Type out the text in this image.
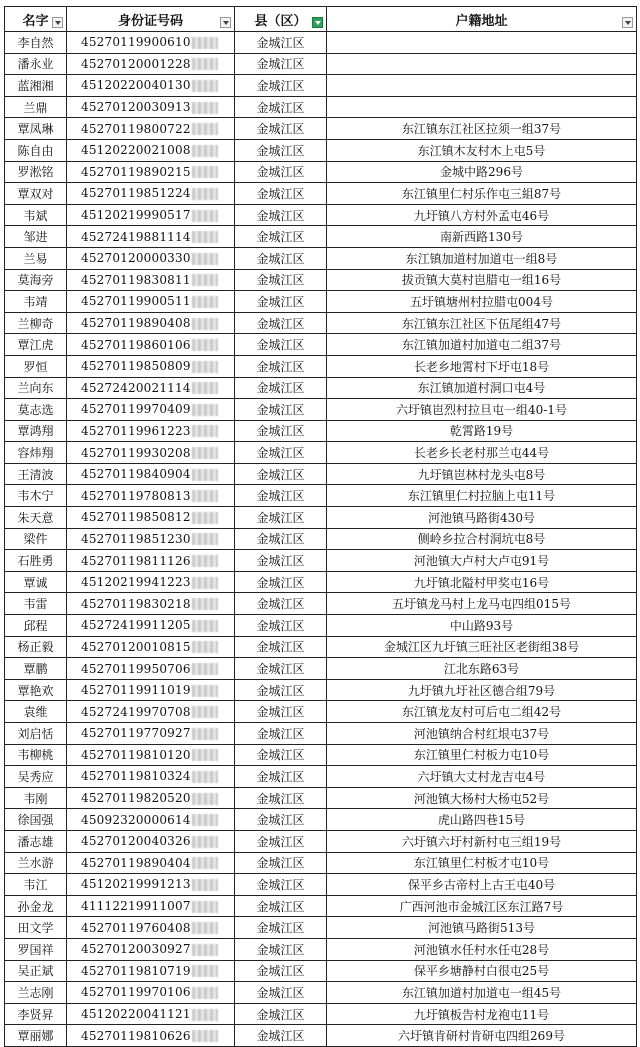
名字	身份证号码	县（区）	户籍地址

李自然	45270119900610	金城江区	
潘永业	45270120001228	金城江区	
蓝湘湘	45120220040130	金城江区	
兰鼎	45270120030913	金城江区	
覃凤琳	45270119800722	金城江区	东江镇东江社区拉须一组37号
陈自由	45120220021008	金城江区	东江镇木友村木上屯5号
罗淞铭	45270119890215	金城江区	金城中路296号
覃双对	45270119851224	金城江区	东江镇里仁村乐作屯三組87号
韦斌	45120219990517	金城江区	九圩镇八方村外孟屯46号
邹进	45272419881114	金城江区	南新西路130号
兰易	45270120000330	金城江区	东江镇加道村加道屯一组8号
莫海旁	45270119830811	金城江区	拔贡镇大莫村岜腊屯一组16号
韦靖	45270119900511	金城江区	五圩镇塘州村拉腊屯004号
兰柳奇	45270119890408	金城江区	东江镇东江社区下伍尾组47号
覃江虎	45270119860106	金城江区	东江镇加道村加道屯二组37号
罗恒	45270119850809	金城江区	长老乡地霄村下圩屯18号
兰向东	45272420021114	金城江区	东江镇加道村洞口屯4号
莫志选	45270119970409	金城江区	六圩镇岜烈村拉旦屯一组40-1号
覃鸿翔	45270119961223	金城江区	乾霄路19号
容炜翔	45270119930208	金城江区	长老乡长老村那兰屯44号
王清波	45270119840904	金城江区	九圩镇岜林村龙头屯8号
韦木宁	45270119780813	金城江区	东江镇里仁村拉脑上屯11号
朱天意	45270119850812	金城江区	河池镇马路街430号
梁件	45270119851230	金城江区	侧岭乡拉合村洞坑屯8号
石胜勇	45270119811126	金城江区	河池镇大卢村大卢屯91号
覃诚	45120219941223	金城江区	九圩镇北隘村甲奖屯16号
韦雷	45270119830218	金城江区	五圩镇龙马村上龙马屯四组015号
邱程	45272419911205	金城江区	中山路93号
杨正毅	45270120010815	金城江区	金城江区九圩镇三旺社区老街组38号
覃鹏	45270119950706	金城江区	江北东路63号
覃艳欢	45270119911019	金城江区	九圩镇九圩社区德合组79号
袁维	45272419970708	金城江区	东江镇龙友村可后屯二组42号
刘启恬	45270119770927	金城江区	河池镇纳合村红垠屯37号
韦柳桃	45270119810120	金城江区	东江镇里仁村板力屯10号
吴秀应	45270119810324	金城江区	六圩镇大丈村龙吉屯4号
韦刚	45270119820520	金城江区	河池镇大杨村大杨屯52号
徐国强	45092320000614	金城江区	虎山路四巷15号
潘志雄	45270120040326	金城江区	六圩镇六圩村新村屯三组19号
兰水游	45270119890404	金城江区	东江镇里仁村板才屯10号
韦江	45120219991213	金城江区	保平乡古帝村上古王屯40号
孙金龙	41112219911007	金城江区	广西河池市金城江区东江路7号
田文学	45270119760408	金城江区	河池镇马路街513号
罗国祥	45270120030927	金城江区	河池镇水任村水任屯28号
吴正斌	45270119810719	金城江区	保平乡塘静村白很屯25号
兰志刚	45270119970106	金城江区	东江镇加道村加道屯一组45号
李贤昇	45120220041121	金城江区	九圩镇板告村龙袍屯11号
覃丽娜	45270119810626	金城江区	六圩镇肯研村肯研屯四组269号
